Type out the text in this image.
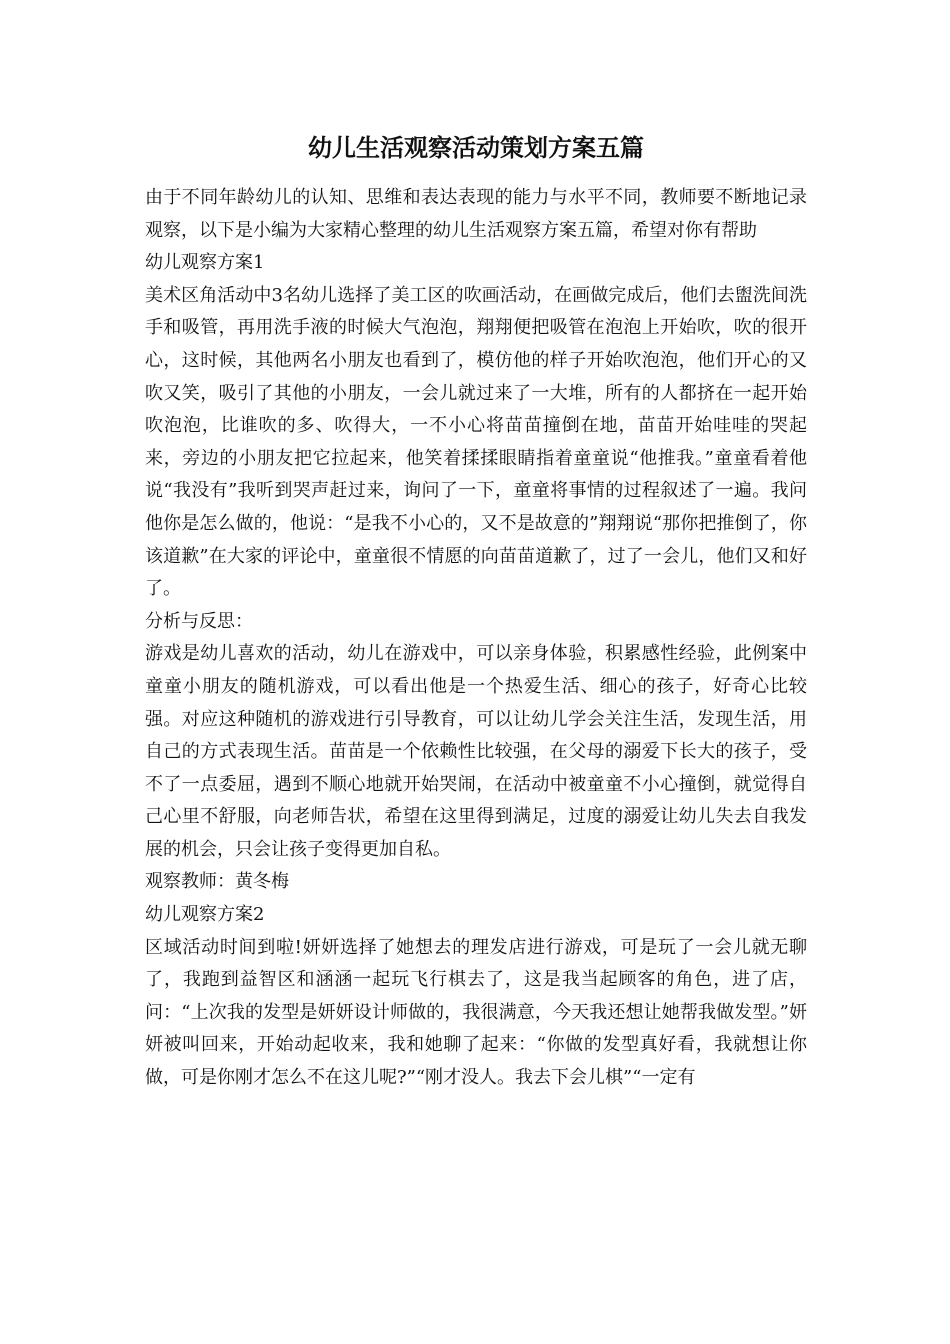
幼儿生活观察活动策划方案五篇

由于不同年龄幼儿的认知、思维和表达表现的能力与水平不同，教师要不断地记录观察，以下是小编为大家精心整理的幼儿生活观察方案五篇，希望对你有帮助

幼儿观察方案1

美术区角活动中3名幼儿选择了美工区的吹画活动，在画做完成后，他们去盥洗间洗手和吸管，再用洗手液的时候大气泡泡，翔翔便把吸管在泡泡上开始吹，吹的很开心，这时候，其他两名小朋友也看到了，模仿他的样子开始吹泡泡，他们开心的又吹又笑，吸引了其他的小朋友，一会儿就过来了一大堆，所有的人都挤在一起开始吹泡泡，比谁吹的多、吹得大，一不小心将苗苗撞倒在地，苗苗开始哇哇的哭起来，旁边的小朋友把它拉起来，他笑着揉揉眼睛指着童童说“他推我。”童童看着他说“我没有”我听到哭声赶过来，询问了一下，童童将事情的过程叙述了一遍。我问他你是怎么做的，他说：“是我不小心的，又不是故意的”翔翔说“那你把推倒了，你该道歉”在大家的评论中，童童很不情愿的向苗苗道歉了，过了一会儿，他们又和好了。

分析与反思：

游戏是幼儿喜欢的活动，幼儿在游戏中，可以亲身体验，积累感性经验，此例案中童童小朋友的随机游戏，可以看出他是一个热爱生活、细心的孩子，好奇心比较强。对应这种随机的游戏进行引导教育，可以让幼儿学会关注生活，发现生活，用自己的方式表现生活。苗苗是一个依赖性比较强，在父母的溺爱下长大的孩子，受不了一点委屈，遇到不顺心地就开始哭闹，在活动中被童童不小心撞倒，就觉得自己心里不舒服，向老师告状，希望在这里得到满足，过度的溺爱让幼儿失去自我发展的机会，只会让孩子变得更加自私。

观察教师：黄冬梅

幼儿观察方案2

区域活动时间到啦!妍妍选择了她想去的理发店进行游戏，可是玩了一会儿就无聊了，我跑到益智区和涵涵一起玩飞行棋去了，这是我当起顾客的角色，进了店，问：“上次我的发型是妍妍设计师做的，我很满意，今天我还想让她帮我做发型。”妍妍被叫回来，开始动起收来，我和她聊了起来：“你做的发型真好看，我就想让你做，可是你刚才怎么不在这儿呢?”“刚才没人。我去下会儿棋”“一定有
